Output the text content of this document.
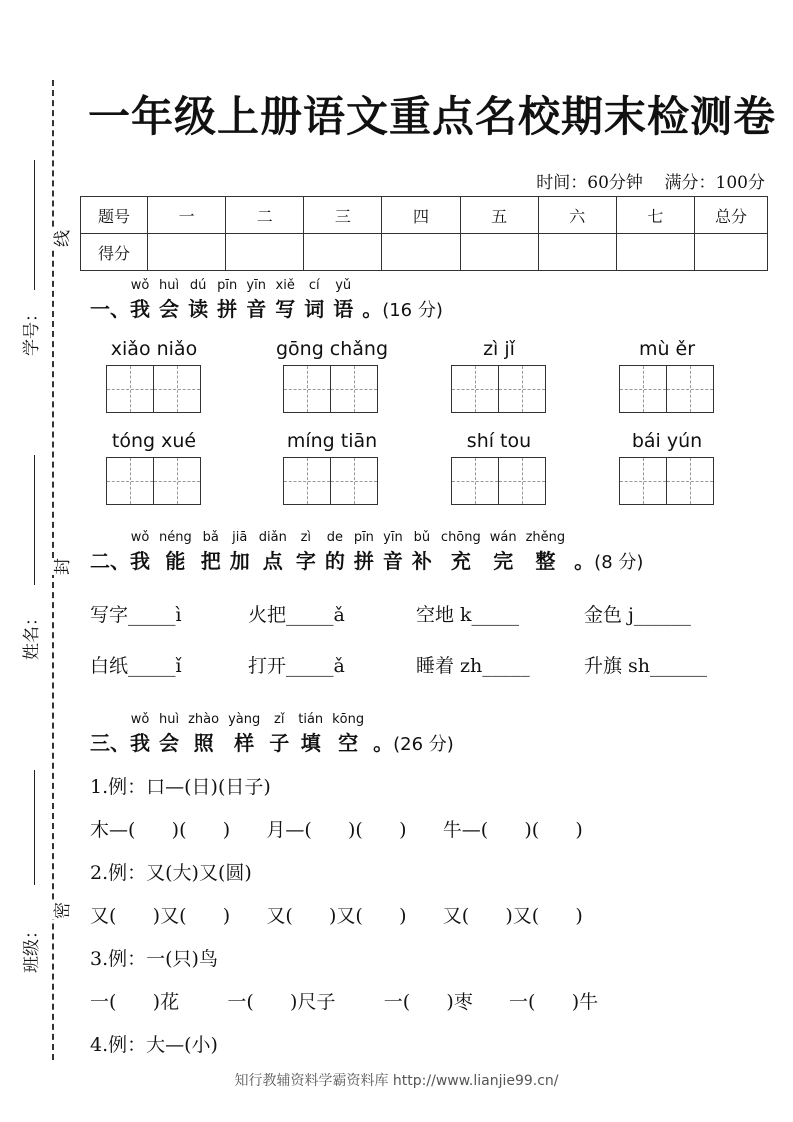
线
封
密
学号：
姓名：
班级：
一年级上册语文重点名校期末检测卷
时间：60分钟 满分：100分
题号	一	二	三	四	五	六	七	总分
得分								
一、
wǒ
我
huì
会
dú
读
pīn
拼
yīn
音
xiě
写
cí
词
yǔ
语 。(16 分)
xiǎo niǎo	gōng chǎng	zì jǐ	mù ěr
tóng xué	míng tiān	shí tou	bái yún
二、
wǒ
我
néng
能
bǎ
把
jiā
加
diǎn
点
zì
字
de
的
pīn
拼
yīn
音
bǔ
补
chōng
充
wán
完
zhěng
整 。(8 分)
写字_____ì	火把_____ǎ	空地 k_____	金色 j______
白纸_____ǐ	打开_____ǎ	睡着 zh_____	升旗 sh______
三、
wǒ
我
huì
会
zhào
照
yàng
样
zǐ
子
tián
填
kōng
空 。(26 分)
1.例：口—(日)(日子)
木—(      )(      )      月—(      )(      )      牛—(      )(      )
2.例：又(大)又(圆)
又(      )又(      )      又(      )又(      )      又(      )又(      )
3.例：一(只)鸟
一(      )花        一(      )尺子        一(      )枣      一(      )牛
4.例：大—(小)
知行教辅资料学霸资料库 http://www.lianjie99.cn/
